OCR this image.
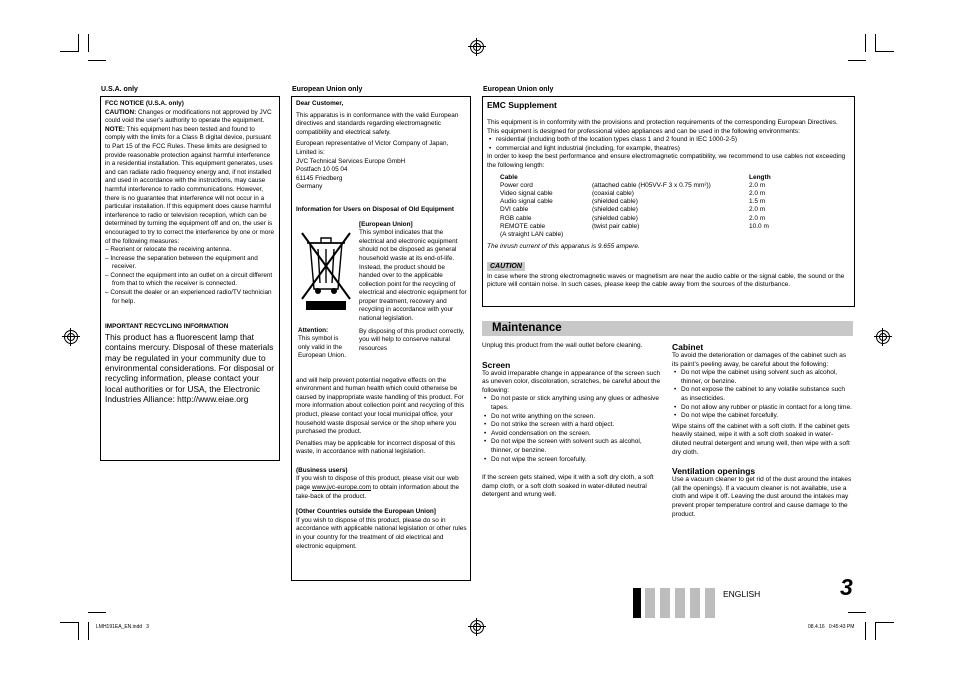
U.S.A. only
FCC NOTICE (U.S.A. only)

CAUTION: Changes or modifications not approved by JVC could void the user’s authority to operate the equipment.

NOTE: This equipment has been tested and found to comply with the limits for a Class B digital device, pursuant to Part 15 of the FCC Rules. These limits are designed to provide reasonable protection against harmful interference in a residential installation. This equipment generates, uses and can radiate radio frequency energy and, if not installed and used in accordance with the instructions, may cause harmful interference to radio communications. However, there is no guarantee that interference will not occur in a particular installation. If this equipment does cause harmful interference to radio or television reception, which can be determined by turning the equipment off and on, the user is encouraged to try to correct the interference by one or more of the following measures:

– Reorient or relocate the receiving antenna.
– Increase the separation between the equipment and receiver.
– Connect the equipment into an outlet on a circuit different from that to which the receiver is connected.
– Consult the dealer or an experienced radio/TV technician for help.
IMPORTANT RECYCLING INFORMATION

This product has a fluorescent lamp that contains mercury. Disposal of these materials may be regulated in your community due to environmental considerations. For disposal or recycling information, please contact your local authorities or for USA, the Electronic Industries Alliance: http://www.eiae.org

European Union only
Dear Customer,

This apparatus is in conformance with the valid European directives and standards regarding electromagnetic compatibility and electrical safety.

European representative of Victor Company of Japan, Limited is:
JVC Technical Services Europe GmbH
Postfach 10 05 04
61145 Friedberg
Germany
Information for Users on Disposal of Old Equipment
Attention:
This symbol is only valid in the European Union.
[European Union]
This symbol indicates that the electrical and electronic equipment should not be disposed as general household waste at its end-of-life. Instead, the product should be handed over to the applicable collection point for the recycling of electrical and electronic equipment for proper treatment, recovery and recycling in accordance with your national legislation.
By disposing of this product correctly, you will help to conserve natural resources

and will help prevent potential negative effects on the environment and human health which could otherwise be caused by inappropriate waste handling of this product. For more information about collection point and recycling of this product, please contact your local municipal office, your household waste disposal service or the shop where you purchased the product.

Penalties may be applicable for incorrect disposal of this waste, in accordance with national legislation.

(Business users)

If you wish to dispose of this product, please visit our web page www.jvc-europe.com to obtain information about the take-back of the product.

[Other Countries outside the European Union]

If you wish to dispose of this product, please do so in accordance with applicable national legislation or other rules in your country for the treatment of old electrical and electronic equipment.

European Union only
EMC Supplement

This equipment is in conformity with the provisions and protection requirements of the corresponding European Directives. This equipment is designed for professional video appliances and can be used in the following environments:

• residential (including both of the location types class 1 and 2 found in IEC 1000-2-5)
• commercial and light industrial (including, for example, theatres)

In order to keep the best performance and ensure electromagnetic compatibility, we recommend to use cables not exceeding the following length:

Cable		Length
Power cord	(attached cable (H05VV-F 3 x 0.75 mm²))	2.0 m
Video signal cable	(coaxial cable)	2.0 m
Audio signal cable	(shielded cable)	1.5 m
DVI cable	(shielded cable)	2.0 m
RGB cable	(shielded cable)	2.0 m
REMOTE cable	(twist pair cable)	10.0 m
(A straight LAN cable)		

The inrush current of this apparatus is 9.655 ampere.

CAUTION

In case where the strong electromagnetic waves or magnetism are near the audio cable or the signal cable, the sound or the picture will contain noise. In such cases, please keep the cable away from the sources of the disturbance.

Maintenance

Unplug this product from the wall outlet before cleaning.

Screen

To avoid irreparable change in appearance of the screen such as uneven color, discoloration, scratches, be careful about the following:

• Do not paste or stick anything using any glues or adhesive tapes.
• Do not write anything on the screen.
• Do not strike the screen with a hard object.
• Avoid condensation on the screen.
• Do not wipe the screen with solvent such as alcohol, thinner, or benzine.
• Do not wipe the screen forcefully.

If the screen gets stained, wipe it with a soft dry cloth, a soft damp cloth, or a soft cloth soaked in water-diluted neutral detergent and wrung well.

Cabinet

To avoid the deterioration or damages of the cabinet such as its paint’s peeling away, be careful about the following:

• Do not wipe the cabinet using solvent such as alcohol, thinner, or benzine.
• Do not expose the cabinet to any volatile substance such as insecticides.
• Do not allow any rubber or plastic in contact for a long time.
• Do not wipe the cabinet forcefully.

Wipe stains off the cabinet with a soft cloth. If the cabinet gets heavily stained, wipe it with a soft cloth soaked in water-diluted neutral detergent and wrung well, then wipe with a soft dry cloth.

Ventilation openings

Use a vacuum cleaner to get rid of the dust around the intakes (all the openings). If a vacuum cleaner is not available, use a cloth and wipe it off. Leaving the dust around the intakes may prevent proper temperature control and cause damage to the product.

ENGLISH	3
LMH191EA_EN.indd   3	08.4.16   0:45:43 PM
